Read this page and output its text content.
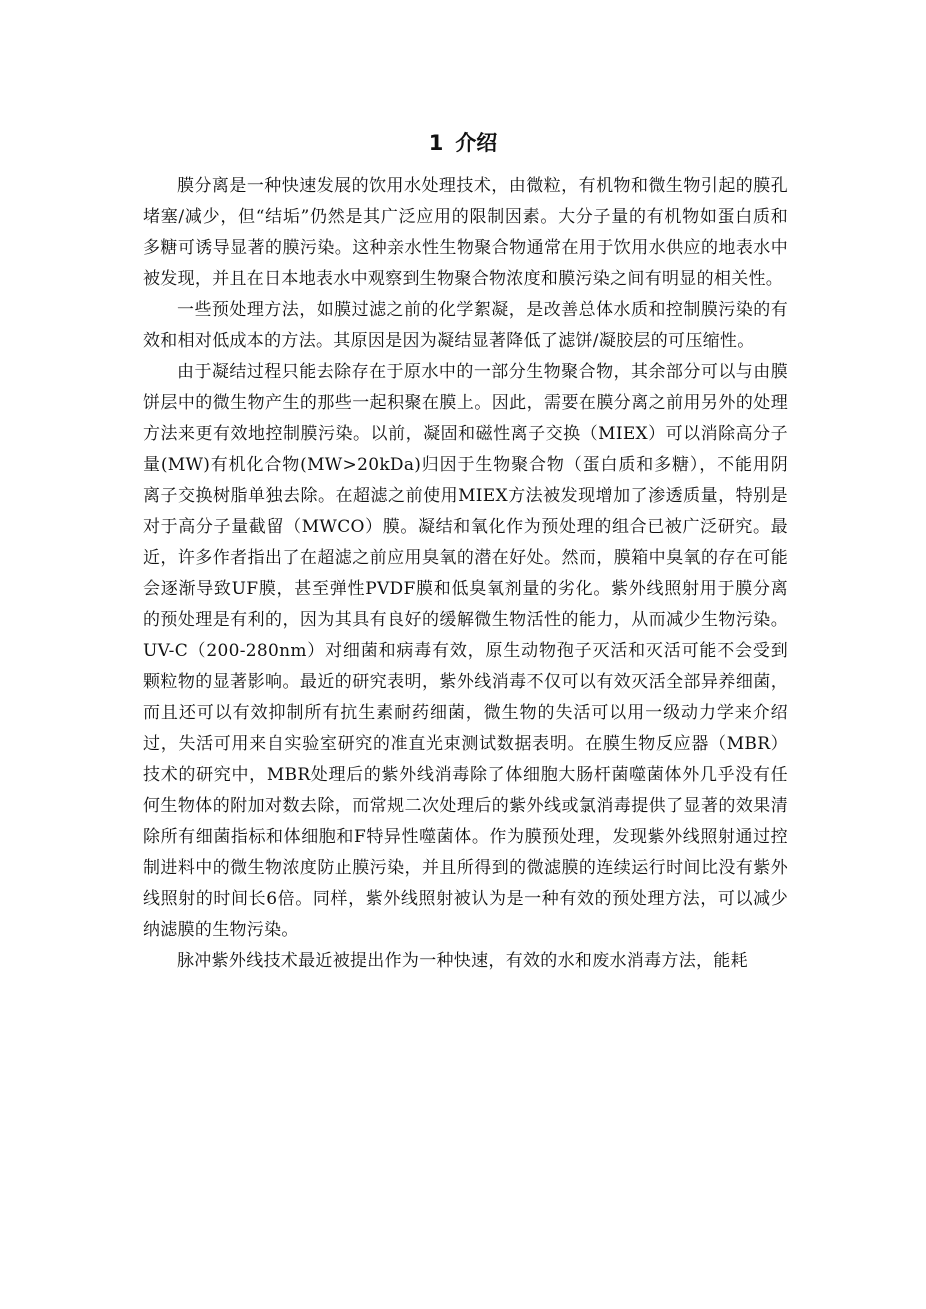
1 介绍

膜分离是一种快速发展的饮用水处理技术，由微粒，有机物和微生物引起的膜孔堵塞/减少，但“结垢”仍然是其广泛应用的限制因素。大分子量的有机物如蛋白质和多糖可诱导显著的膜污染。这种亲水性生物聚合物通常在用于饮用水供应的地表水中被发现，并且在日本地表水中观察到生物聚合物浓度和膜污染之间有明显的相关性。

一些预处理方法，如膜过滤之前的化学絮凝，是改善总体水质和控制膜污染的有效和相对低成本的方法。其原因是因为凝结显著降低了滤饼/凝胶层的可压缩性。

由于凝结过程只能去除存在于原水中的一部分生物聚合物，其余部分可以与由膜饼层中的微生物产生的那些一起积聚在膜上。因此，需要在膜分离之前用另外的处理方法来更有效地控制膜污染。以前，凝固和磁性离子交换（MIEX）可以消除高分子量(MW)有机化合物(MW>20kDa)归因于生物聚合物（蛋白质和多糖），不能用阴离子交换树脂单独去除。在超滤之前使用MIEX方法被发现增加了渗透质量，特别是对于高分子量截留（MWCO）膜。凝结和氧化作为预处理的组合已被广泛研究。最近，许多作者指出了在超滤之前应用臭氧的潜在好处。然而，膜箱中臭氧的存在可能会逐渐导致UF膜，甚至弹性PVDF膜和低臭氧剂量的劣化。紫外线照射用于膜分离的预处理是有利的，因为其具有良好的缓解微生物活性的能力，从而减少生物污染。UV-C（200-280nm）对细菌和病毒有效，原生动物孢子灭活和灭活可能不会受到颗粒物的显著影响。最近的研究表明，紫外线消毒不仅可以有效灭活全部异养细菌，而且还可以有效抑制所有抗生素耐药细菌，微生物的失活可以用一级动力学来介绍过，失活可用来自实验室研究的准直光束测试数据表明。在膜生物反应器（MBR）技术的研究中，MBR处理后的紫外线消毒除了体细胞大肠杆菌噬菌体外几乎没有任何生物体的附加对数去除，而常规二次处理后的紫外线或氯消毒提供了显著的效果清除所有细菌指标和体细胞和F特异性噬菌体。作为膜预处理，发现紫外线照射通过控制进料中的微生物浓度防止膜污染，并且所得到的微滤膜的连续运行时间比没有紫外线照射的时间长6倍。同样，紫外线照射被认为是一种有效的预处理方法，可以减少纳滤膜的生物污染。

脉冲紫外线技术最近被提出作为一种快速，有效的水和废水消毒方法，能耗
